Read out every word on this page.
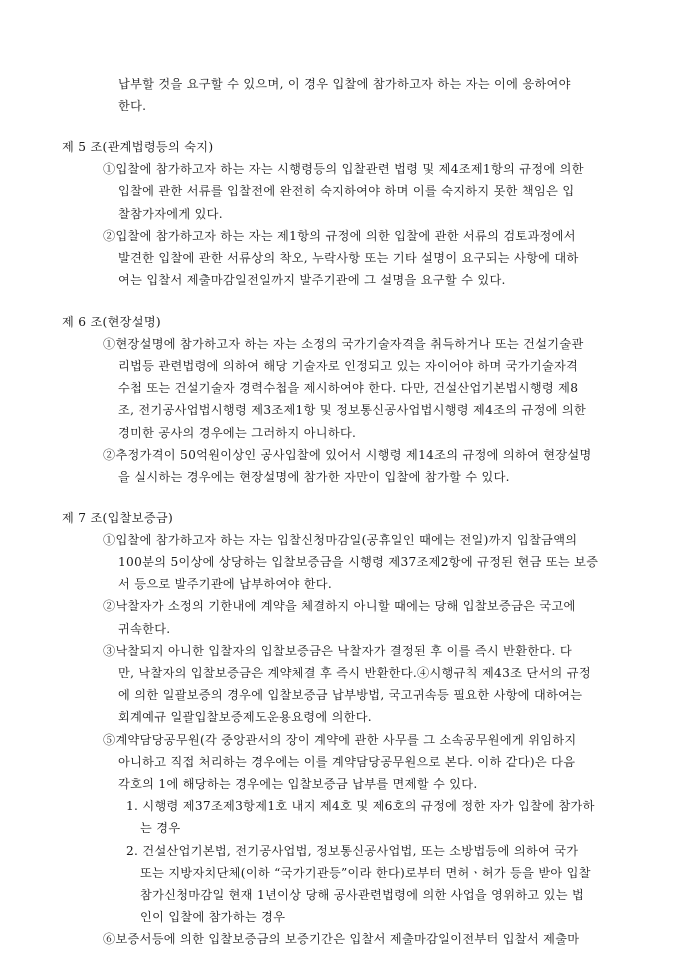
납부할 것을 요구할 수 있으며, 이 경우 입찰에 참가하고자 하는 자는 이에 응하여야
한다.
제 5 조(관계법령등의 숙지)
①입찰에 참가하고자 하는 자는 시행령등의 입찰관련 법령 및 제4조제1항의 규정에 의한
입찰에 관한 서류를 입찰전에 완전히 숙지하여야 하며 이를 숙지하지 못한 책임은 입
찰참가자에게 있다.
②입찰에 참가하고자 하는 자는 제1항의 규정에 의한 입찰에 관한 서류의 검토과정에서
발견한 입찰에 관한 서류상의 착오, 누락사항 또는 기타 설명이 요구되는 사항에 대하
여는 입찰서 제출마감일전일까지 발주기관에 그 설명을 요구할 수 있다.
제 6 조(현장설명)
①현장설명에 참가하고자 하는 자는 소정의 국가기술자격을 취득하거나 또는 건설기술관
리법등 관련법령에 의하여 해당 기술자로 인정되고 있는 자이어야 하며 국가기술자격
수첩 또는 건설기술자 경력수첩을 제시하여야 한다. 다만, 건설산업기본법시행령 제8
조, 전기공사업법시행령 제3조제1항 및 정보통신공사업법시행령 제4조의 규정에 의한
경미한 공사의 경우에는 그러하지 아니하다.
②추정가격이 50억원이상인 공사입찰에 있어서 시행령 제14조의 규정에 의하여 현장설명
을 실시하는 경우에는 현장설명에 참가한 자만이 입찰에 참가할 수 있다.
제 7 조(입찰보증금)
①입찰에 참가하고자 하는 자는 입찰신청마감일(공휴일인 때에는 전일)까지 입찰금액의
100분의 5이상에 상당하는 입찰보증금을 시행령 제37조제2항에 규정된 현금 또는 보증
서 등으로 발주기관에 납부하여야 한다.
②낙찰자가 소정의 기한내에 계약을 체결하지 아니할 때에는 당해 입찰보증금은 국고에
귀속한다.
③낙찰되지 아니한 입찰자의 입찰보증금은 낙찰자가 결정된 후 이를 즉시 반환한다. 다
만, 낙찰자의 입찰보증금은 계약체결 후 즉시 반환한다.④시행규칙 제43조 단서의 규정
에 의한 일괄보증의 경우에 입찰보증금 납부방법, 국고귀속등 필요한 사항에 대하여는
회계예규 일괄입찰보증제도운용요령에 의한다.
⑤계약담당공무원(각 중앙관서의 장이 계약에 관한 사무를 그 소속공무원에게 위임하지
아니하고 직접 처리하는 경우에는 이를 계약담당공무원으로 본다. 이하 같다)은 다음
각호의 1에 해당하는 경우에는 입찰보증금 납부를 면제할 수 있다.
1. 시행령 제37조제3항제1호 내지 제4호 및 제6호의 규정에 정한 자가 입찰에 참가하
는 경우
2. 건설산업기본법, 전기공사업법, 정보통신공사업법, 또는 소방법등에 의하여 국가
또는 지방자치단체(이하 “국가기관등”이라 한다)로부터 면허ㆍ허가 등을 받아 입찰
참가신청마감일 현재 1년이상 당해 공사관련법령에 의한 사업을 영위하고 있는 법
인이 입찰에 참가하는 경우
⑥보증서등에 의한 입찰보증금의 보증기간은 입찰서 제출마감일이전부터 입찰서 제출마
